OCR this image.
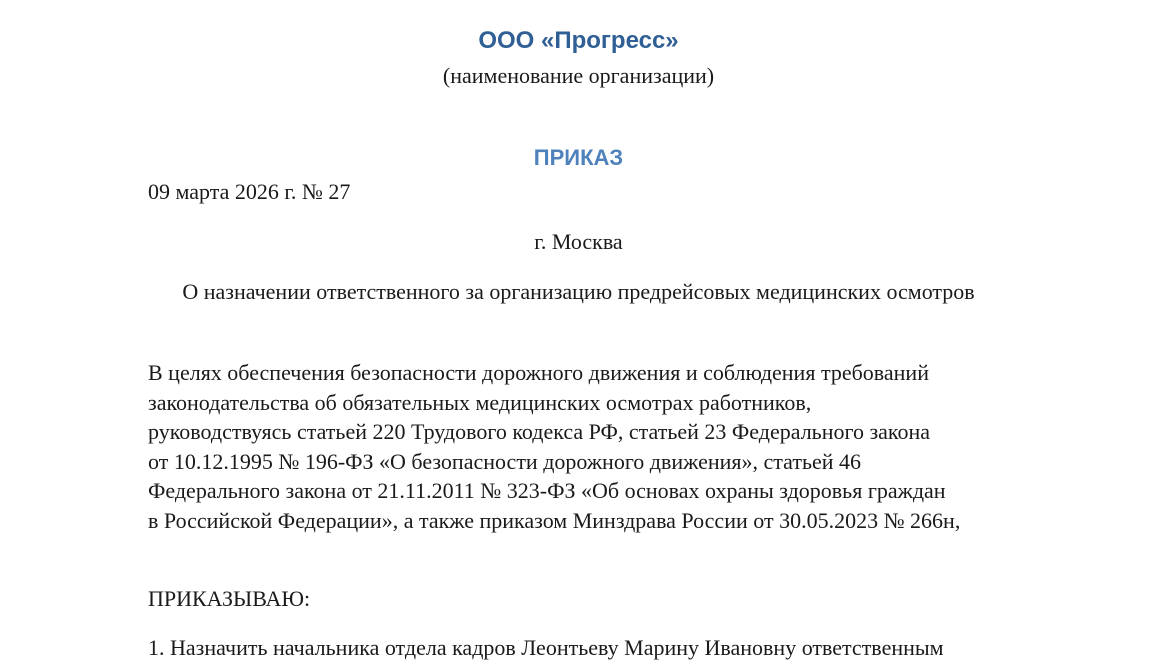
ООО «Прогресс»
(наименование организации)
ПРИКАЗ
09 марта 2026 г. № 27
г. Москва
О назначении ответственного за организацию предрейсовых медицинских осмотров
В целях обеспечения безопасности дорожного движения и соблюдения требований
законодательства об обязательных медицинских осмотрах работников,
руководствуясь статьей 220 Трудового кодекса РФ, статьей 23 Федерального закона
от 10.12.1995 № 196-ФЗ «О безопасности дорожного движения», статьей 46
Федерального закона от 21.11.2011 № 323-ФЗ «Об основах охраны здоровья граждан
в Российской Федерации», а также приказом Минздрава России от 30.05.2023 № 266н,
ПРИКАЗЫВАЮ:
1. Назначить начальника отдела кадров Леонтьеву Марину Ивановну ответственным
